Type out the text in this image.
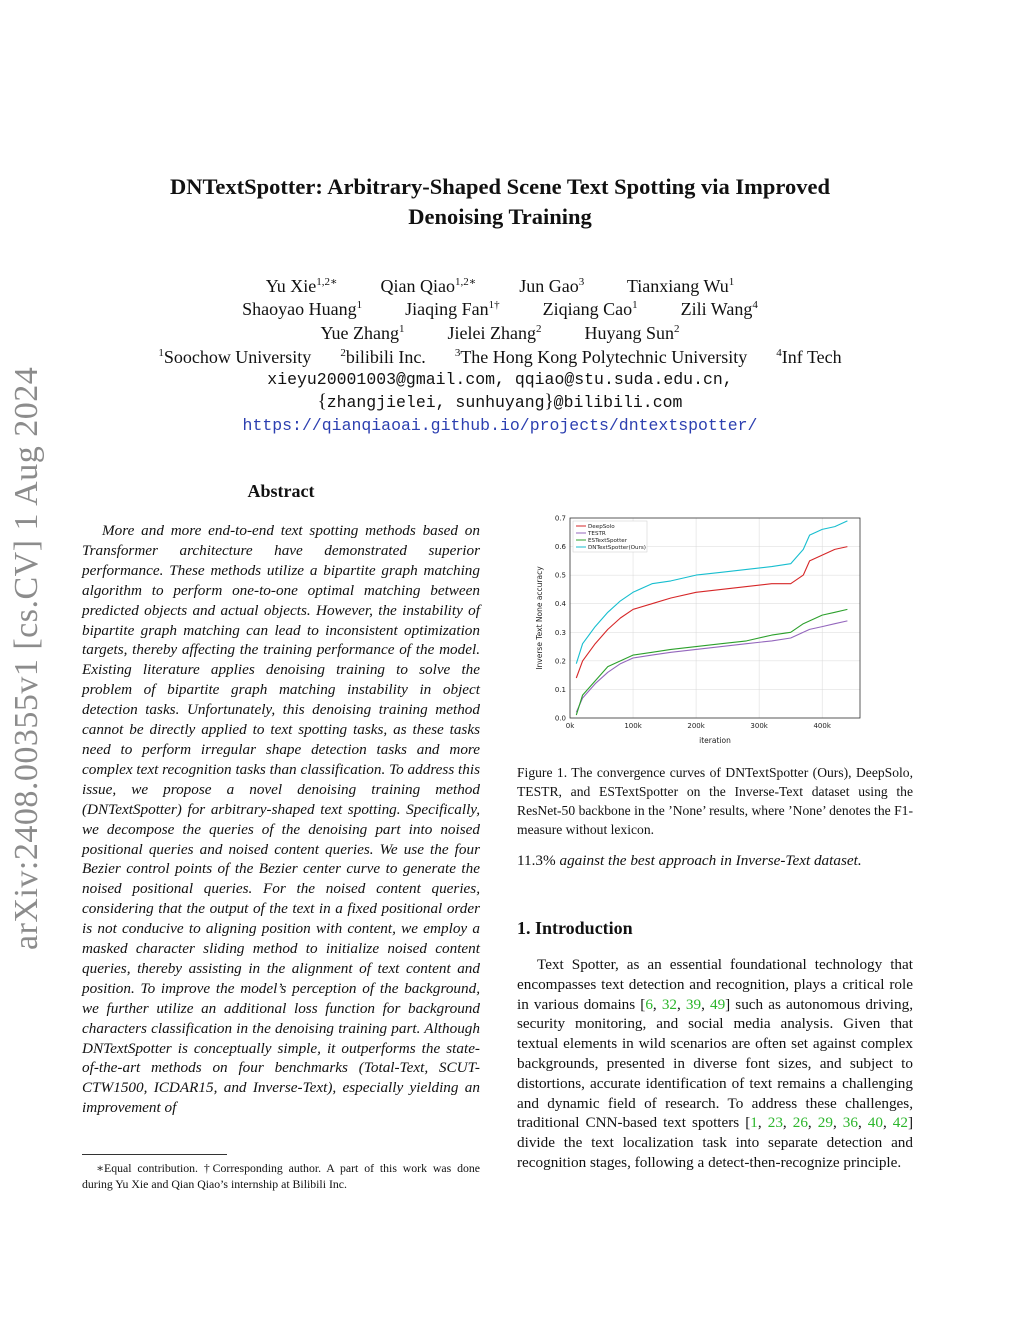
arXiv:2408.00355v1 [cs.CV] 1 Aug 2024
DNTextSpotter: Arbitrary-Shaped Scene Text Spotting via Improved
Denoising Training
Yu Xie$^{1,2∗}$ Qian Qiao$^{1,2∗}$ Jun Gao$^3$ Tianxiang Wu$^1$
Shaoyao Huang$^1$ Jiaqing Fan$^{1\dagger}$ Ziqiang Cao$^1$ Zili Wang$^4$
Yue Zhang$^1$ Jielei Zhang$^2$ Huyang Sun$^2$
$^1$Soochow University	$^2$bilibili Inc.	$^3$The Hong Kong Polytechnic University	$^4$Inf Tech
xieyu20001003@gmail.com, qqiao@stu.suda.edu.cn,
{zhangjielei, sunhuyang}@bilibili.com
https://qianqiaoai.github.io/projects/dntextspotter/
Abstract
More and more end-to-end text spotting methods based on Transformer architecture have demonstrated superior performance. These methods utilize a bipartite graph matching algorithm to perform one-to-one optimal matching between predicted objects and actual objects. However, the instability of bipartite graph matching can lead to inconsistent optimization targets, thereby affecting the training performance of the model. Existing literature applies denoising training to solve the problem of bipartite graph matching instability in object detection tasks. Unfortunately, this denoising training method cannot be directly applied to text spotting tasks, as these tasks need to perform irregular shape detection tasks and more complex text recognition tasks than classification. To address this issue, we propose a novel denoising training method (DNTextSpotter) for arbitrary-shaped text spotting. Specifically, we decompose the queries of the denoising part into noised positional queries and noised content queries. We use the four Bezier control points of the Bezier center curve to generate the noised positional queries. For the noised content queries, considering that the output of the text in a fixed positional order is not conducive to aligning position with content, we employ a masked character sliding method to initialize noised content queries, thereby assisting in the alignment of text content and position. To improve the model’s perception of the background, we further utilize an additional loss function for background characters classification in the denoising training part. Although DNTextSpotter is conceptually simple, it outperforms the state-of-the-art methods on four benchmarks (Total-Text, SCUT-CTW1500, ICDAR15, and Inverse-Text), especially yielding an improvement of
∗Equal contribution. †Corresponding author. A part of this work was done during Yu Xie and Qian Qiao’s internship at Bilibili Inc.
0.0
0.1
0.2
0.3
0.4
0.5
0.6
0.7
0k	100k	200k	300k	400k
iteration
Inverse Text None accuracy
DeepSolo
TESTR
ESTextSpotter
DNTextSpotter(Ours)
Figure 1. The convergence curves of DNTextSpotter (Ours), DeepSolo, TESTR, and ESTextSpotter on the Inverse-Text dataset using the ResNet-50 backbone in the ’None’ results, where ’None’ denotes the F1-measure without lexicon.
11.3% against the best approach in Inverse-Text dataset.
1. Introduction
Text Spotter, as an essential foundational technology that encompasses text detection and recognition, plays a critical role in various domains [6, 32, 39, 49] such as autonomous driving, security monitoring, and social media analysis. Given that textual elements in wild scenarios are often set against complex backgrounds, presented in diverse font sizes, and subject to distortions, accurate identification of text remains a challenging and dynamic field of research. To address these challenges, traditional CNN-based text spotters [1, 23, 26, 29, 36, 40, 42] divide the text localization task into separate detection and recognition stages, following a detect-then-recognize principle.
